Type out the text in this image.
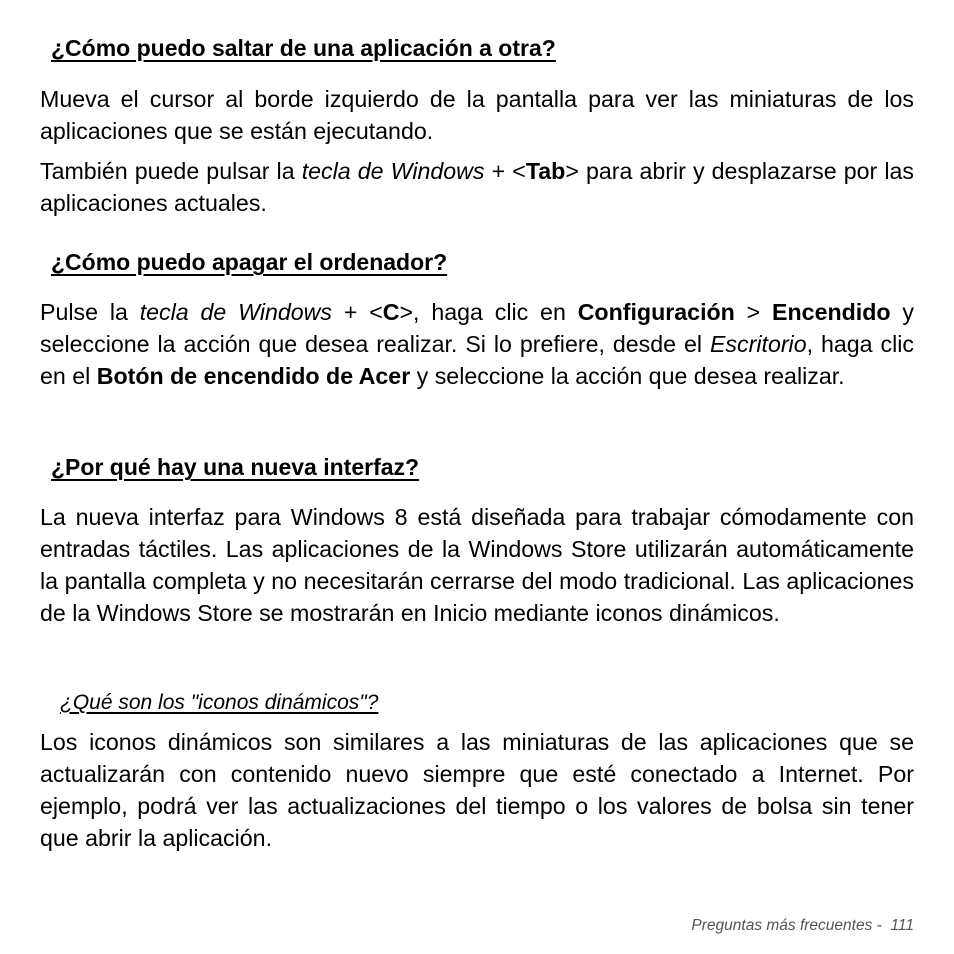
¿Cómo puedo saltar de una aplicación a otra?

Mueva el cursor al borde izquierdo de la pantalla para ver las miniaturas de los aplicaciones que se están ejecutando.

También puede pulsar la tecla de Windows + <Tab> para abrir y desplazarse por las aplicaciones actuales.

¿Cómo puedo apagar el ordenador?

Pulse la tecla de Windows + <C>, haga clic en Configuración > Encendido y seleccione la acción que desea realizar. Si lo prefiere, desde el Escritorio, haga clic en el Botón de encendido de Acer y seleccione la acción que desea realizar.

¿Por qué hay una nueva interfaz?

La nueva interfaz para Windows 8 está diseñada para trabajar cómodamente con entradas táctiles. Las aplicaciones de la Windows Store utilizarán automáticamente la pantalla completa y no necesitarán cerrarse del modo tradicional. Las aplicaciones de la Windows Store se mostrarán en Inicio mediante iconos dinámicos.

¿Qué son los "iconos dinámicos"?

Los iconos dinámicos son similares a las miniaturas de las aplicaciones que se actualizarán con contenido nuevo siempre que esté conectado a Internet. Por ejemplo, podrá ver las actualizaciones del tiempo o los valores de bolsa sin tener que abrir la aplicación.

Preguntas más frecuentes - 111
